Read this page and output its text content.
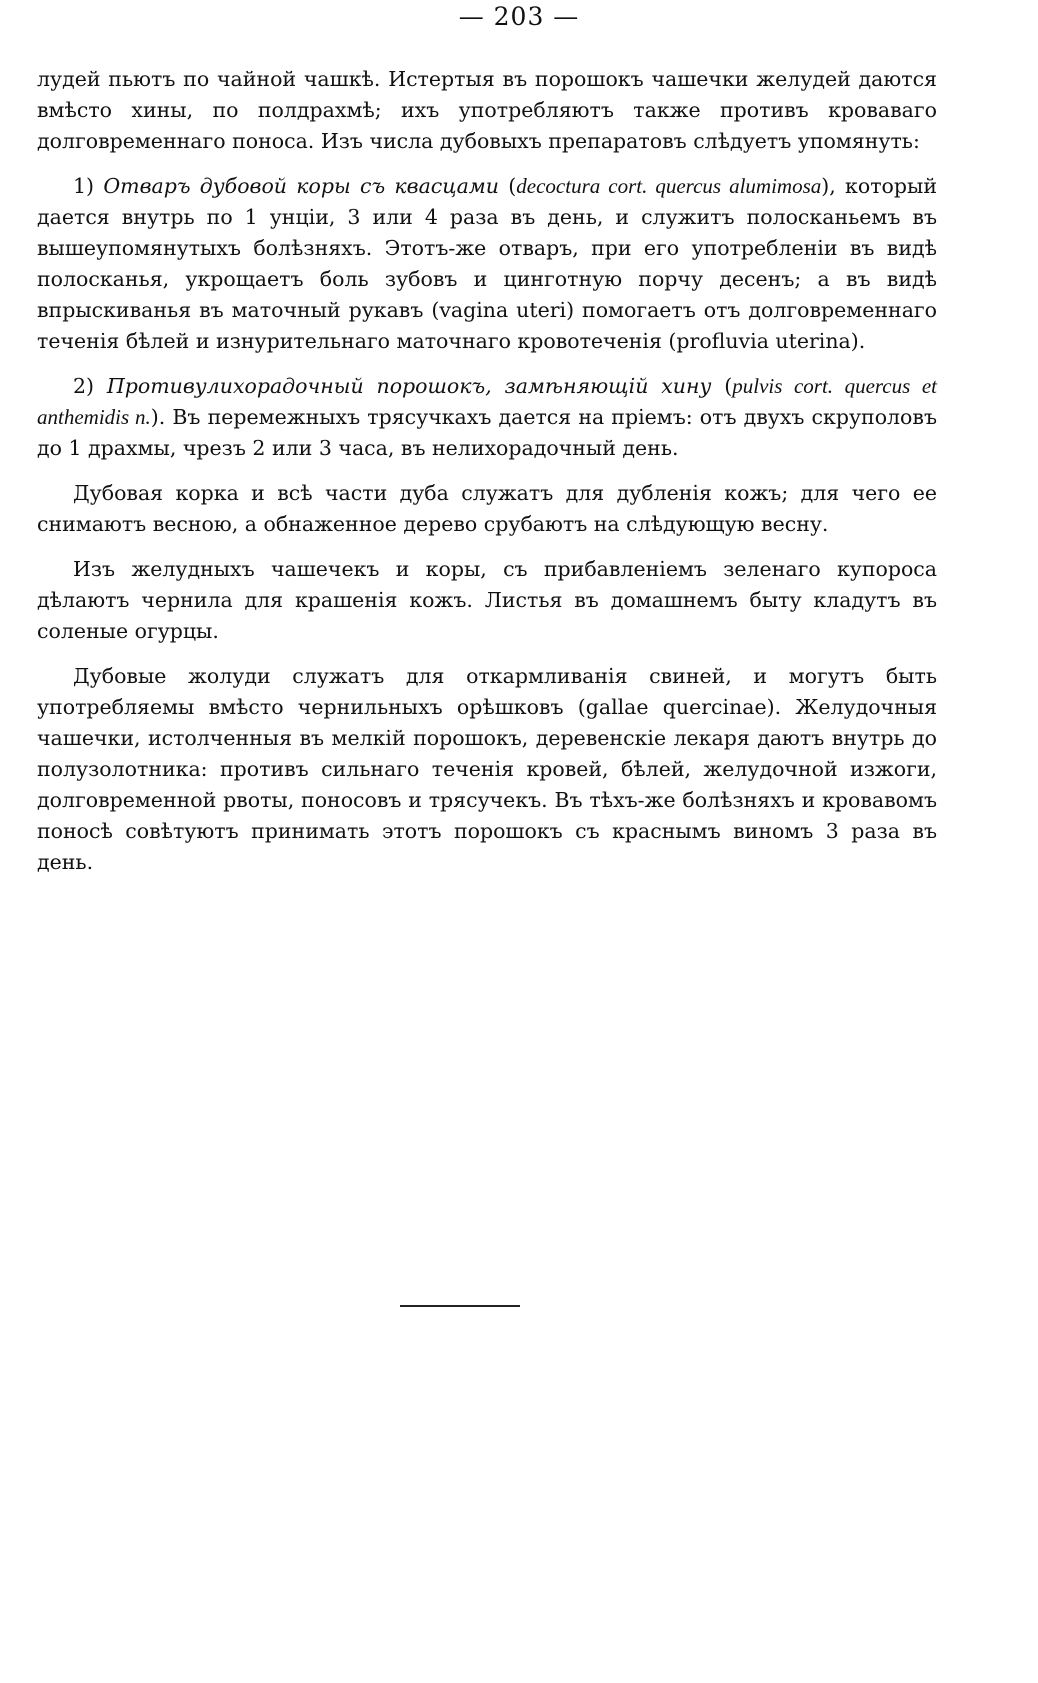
— 203 —

лудей пьютъ по чайной чашкѣ. Истертыя въ порошокъ чашечки желудей даются вмѣсто хины, по полдрахмѣ; ихъ употребляютъ также противъ кроваваго долговременнаго поноса. Изъ числа дубовыхъ препаратовъ слѣдуетъ упомянуть:

1) Отваръ дубовой коры съ квасцами (decoctura cort. quercus alumimosa), который дается внутрь по 1 унціи, 3 или 4 раза въ день, и служитъ полосканьемъ въ вышеупомянутыхъ болѣзняхъ. Этотъ-же отваръ, при его употребленіи въ видѣ полосканья, укрощаетъ боль зубовъ и цинготную порчу десенъ; а въ видѣ впрыскиванья въ маточный рукавъ (vagina uteri) помогаетъ отъ долговременнаго теченія бѣлей и изнурительнаго маточнаго кровотеченія (profluvia uterina).

2) Противулихорадочный порошокъ, замѣняющій хину (pulvis cort. quercus et anthemidis n.). Въ перемежныхъ трясучкахъ дается на пріемъ: отъ двухъ скруполовъ до 1 драхмы, чрезъ 2 или 3 часа, въ нелихорадочный день.

Дубовая корка и всѣ части дуба служатъ для дубленія кожъ; для чего ее снимаютъ весною, а обнаженное дерево срубаютъ на слѣдующую весну.

Изъ желудныхъ чашечекъ и коры, съ прибавленіемъ зеленаго купороса дѣлаютъ чернила для крашенія кожъ. Листья въ домашнемъ быту кладутъ въ соленые огурцы.

Дубовые жолуди служатъ для откармливанія свиней, и могутъ быть употребляемы вмѣсто чернильныхъ орѣшковъ (gallae quercinae). Желудочныя чашечки, истолченныя въ мелкій порошокъ, деревенскіе лекаря даютъ внутрь до полузолотника: противъ сильнаго теченія кровей, бѣлей, желудочной изжоги, долговременной рвоты, поносовъ и трясучекъ. Въ тѣхъ-же болѣзняхъ и кровавомъ поносѣ совѣтуютъ принимать этотъ порошокъ съ краснымъ виномъ 3 раза въ день.
